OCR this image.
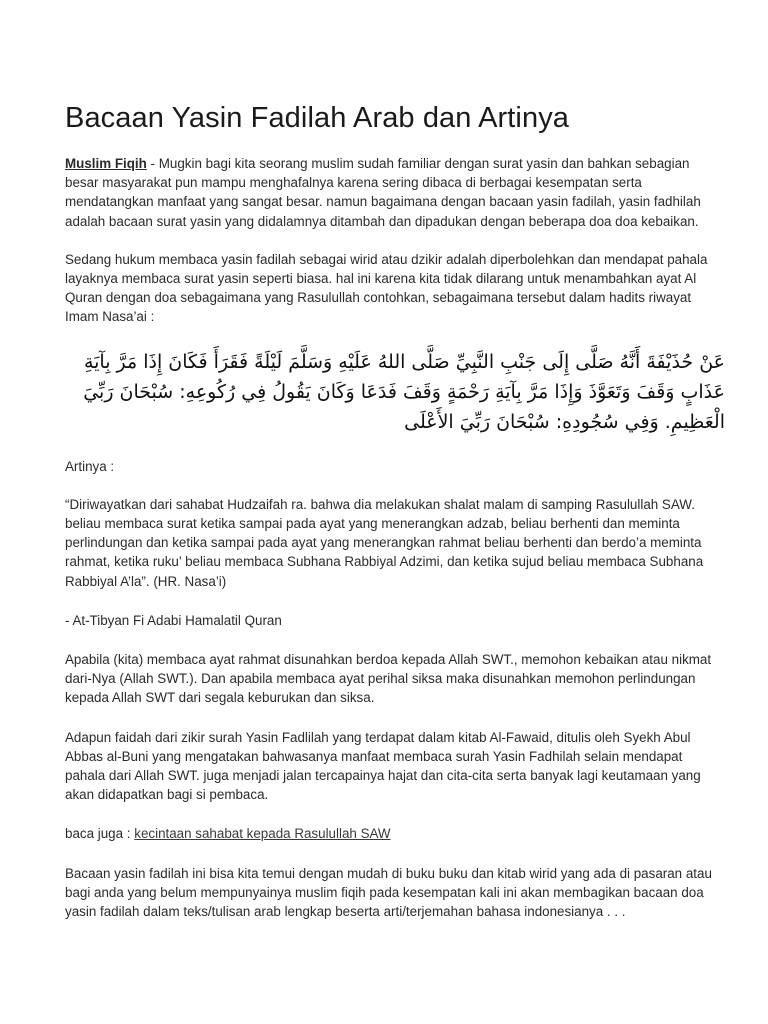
Bacaan Yasin Fadilah Arab dan Artinya

Muslim Fiqih - Mugkin bagi kita seorang muslim sudah familiar dengan surat yasin dan bahkan sebagian besar masyarakat pun mampu menghafalnya karena sering dibaca di berbagai kesempatan serta mendatangkan manfaat yang sangat besar. namun bagaimana dengan bacaan yasin fadilah, yasin fadhilah adalah bacaan surat yasin yang didalamnya ditambah dan dipadukan dengan beberapa doa doa kebaikan.

Sedang hukum membaca yasin fadilah sebagai wirid atau dzikir adalah diperbolehkan dan mendapat pahala layaknya membaca surat yasin seperti biasa. hal ini karena kita tidak dilarang untuk menambahkan ayat Al Quran dengan doa sebagaimana yang Rasulullah contohkan, sebagaimana tersebut dalam hadits riwayat Imam Nasa’ai :

عَنْ حُذَيْفَةَ أَنَّهُ صَلَّى إِلَى جَنْبِ النَّبِيِّ صَلَّى اللهُ عَلَيْهِ وَسَلَّمَ لَيْلَةً فَقَرَأَ فَكَانَ إِذَا مَرَّ بِآيَةِ عَذَابٍ وَقَفَ وَتَعَوَّذَ وَإِذَا مَرَّ بِآيَةِ رَحْمَةٍ وَقَفَ فَدَعَا وَكَانَ يَقُولُ فِي رُكُوعِهِ: سُبْحَانَ رَبِّيَ الْعَظِيمِ. وَفِي سُجُودِهِ: سُبْحَانَ رَبِّيَ الأَعْلَى

Artinya :

“Diriwayatkan dari sahabat Hudzaifah ra. bahwa dia melakukan shalat malam di samping Rasulullah SAW. beliau membaca surat ketika sampai pada ayat yang menerangkan adzab, beliau berhenti dan meminta perlindungan dan ketika sampai pada ayat yang menerangkan rahmat beliau berhenti dan berdo’a meminta rahmat, ketika ruku’ beliau membaca Subhana Rabbiyal Adzimi, dan ketika sujud beliau membaca Subhana Rabbiyal A’la”. (HR. Nasa’i)

- At-Tibyan Fi Adabi Hamalatil Quran

Apabila (kita) membaca ayat rahmat disunahkan berdoa kepada Allah SWT., memohon kebaikan atau nikmat dari-Nya (Allah SWT.). Dan apabila membaca ayat perihal siksa maka disunahkan memohon perlindungan kepada Allah SWT dari segala keburukan dan siksa.

Adapun faidah dari zikir surah Yasin Fadlilah yang terdapat dalam kitab Al-Fawaid, ditulis oleh Syekh Abul Abbas al-Buni yang mengatakan bahwasanya manfaat membaca surah Yasin Fadhilah selain mendapat pahala dari Allah SWT. juga menjadi jalan tercapainya hajat dan cita-cita serta banyak lagi keutamaan yang akan didapatkan bagi si pembaca.

baca juga : kecintaan sahabat kepada Rasulullah SAW

Bacaan yasin fadilah ini bisa kita temui dengan mudah di buku buku dan kitab wirid yang ada di pasaran atau bagi anda yang belum mempunyainya muslim fiqih pada kesempatan kali ini akan membagikan bacaan doa yasin fadilah dalam teks/tulisan arab lengkap beserta arti/terjemahan bahasa indonesianya . . .
